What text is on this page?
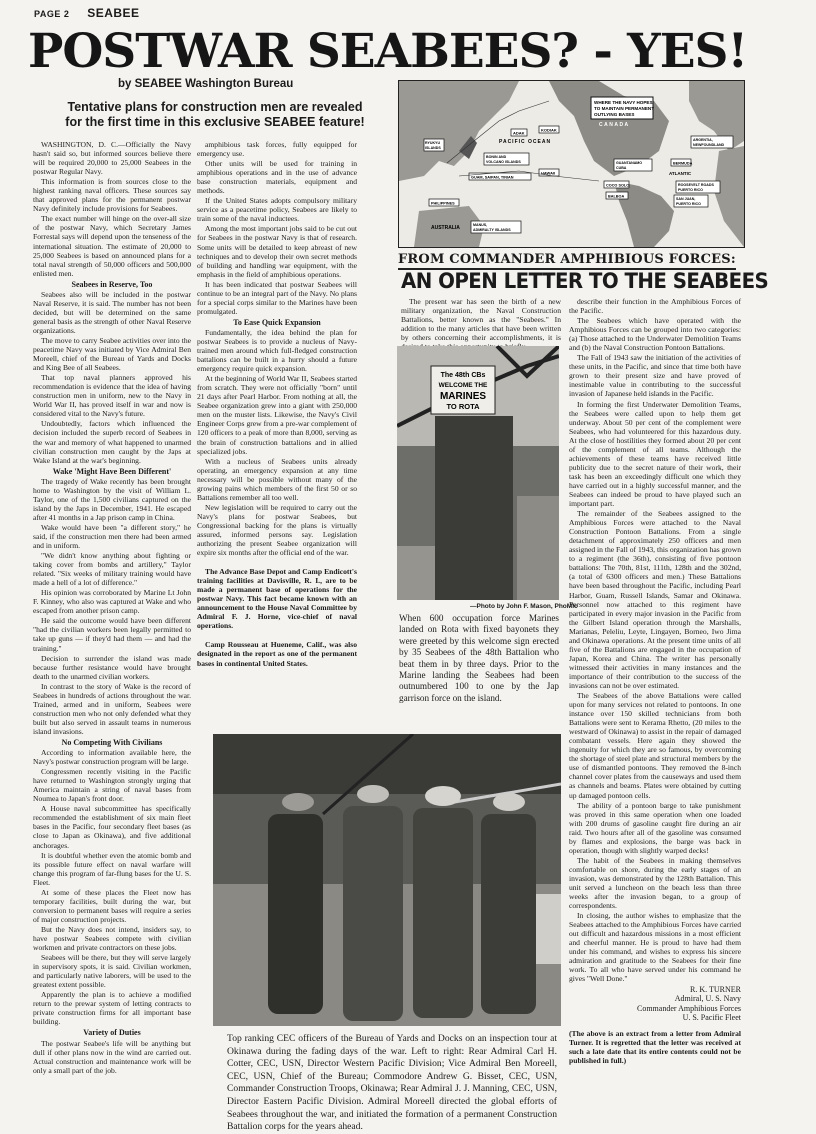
PAGE 2 SEABEE
POSTWAR SEABEES? - YES!
by SEABEE Washington Bureau
Tentative plans for construction men are revealed for the first time in this exclusive SEABEE feature!

WASHINGTON, D. C.—Officially the Navy hasn't said so, but informed sources believe there will be required 20,000 to 25,000 Seabees in the postwar Regular Navy.

This information is from sources close to the highest ranking naval officers. These sources say that approved plans for the permanent postwar Navy definitely include provisions for Seabees.

The exact number will hinge on the over-all size of the postwar Navy, which Secretary James Forrestal says will depend upon the tenseness of the international situation. The estimate of 20,000 to 25,000 Seabees is based on announced plans for a total naval strength of 50,000 officers and 500,000 enlisted men.

Seabees in Reserve, Too

Seabees also will be included in the postwar Naval Reserve, it is said. The number has not been decided, but will be determined on the same general basis as the strength of other Naval Reserve organizations.

The move to carry Seabee activities over into the peacetime Navy was initiated by Vice Admiral Ben Moreell, chief of the Bureau of Yards and Docks and King Bee of all Seabees.

That top naval planners approved his recommendation is evidence that the idea of having construction men in uniform, new to the Navy in World War II, has proved itself in war and now is considered vital to the Navy's future.

Undoubtedly, factors which influenced the decision included the superb record of Seabees in the war and memory of what happened to unarmed civilian construction men caught by the Japs at Wake Island at the war's beginning.

Wake 'Might Have Been Different'

The tragedy of Wake recently has been brought home to Washington by the visit of William L. Taylor, one of the 1,500 civilians captured on the island by the Japs in December, 1941. He escaped after 41 months in a Jap prison camp in China.

Wake would have been "a different story," he said, if the construction men there had been armed and in uniform.

"We didn't know anything about fighting or taking cover from bombs and artillery," Taylor related. "Six weeks of military training would have made a hell of a lot of difference."

His opinion was corroborated by Marine Lt John F. Kinney, who also was captured at Wake and who escaped from another prison camp.

He said the outcome would have been different "had the civilian workers been legally permitted to take up guns — if they'd had them — and had the training."

Decision to surrender the island was made because further resistance would have brought death to the unarmed civilian workers.

In contrast to the story of Wake is the record of Seabees in hundreds of actions throughout the war. Trained, armed and in uniform, Seabees were construction men who not only defended what they built but also served in assault teams in numerous island invasions.

No Competing With Civilians

According to information available here, the Navy's postwar construction program will be large.

Congressmen recently visiting in the Pacific have returned to Washington strongly urging that America maintain a string of naval bases from Noumea to Japan's front door.

A House naval subcommittee has specifically recommended the establishment of six main fleet bases in the Pacific, four secondary fleet bases (as close to Japan as Okinawa), and five additional anchorages.

It is doubtful whether even the atomic bomb and its possible future effect on naval warfare will change this program of far-flung bases for the U. S. Fleet.

At some of these places the Fleet now has temporary facilities, built during the war, but conversion to permanent bases will require a series of major construction projects.

But the Navy does not intend, insiders say, to have postwar Seabees compete with civilian workmen and private contractors on these jobs.

Seabees will be there, but they will serve largely in supervisory spots, it is said. Civilian workmen, and particularly native laborers, will be used to the greatest extent possible.

Apparently the plan is to achieve a modified return to the prewar system of letting contracts to private construction firms for all important base building.

Variety of Duties

The postwar Seabee's life will be anything but dull if other plans now in the wind are carried out. Actual construction and maintenance work will be only a small part of the job.

amphibious task forces, fully equipped for emergency use.

Other units will be used for training in amphibious operations and in the use of advance base construction materials, equipment and methods.

If the United States adopts compulsory military service as a peacetime policy, Seabees are likely to train some of the naval inductees.

Among the most important jobs said to be cut out for Seabees in the postwar Navy is that of research. Some units will be detailed to keep abreast of new techniques and to develop their own secret methods of building and handling war equipment, with the emphasis in the field of amphibious operations.

It has been indicated that postwar Seabees will continue to be an integral part of the Navy. No plans for a special corps similar to the Marines have been promulgated.

To Ease Quick Expansion

Fundamentally, the idea behind the plan for postwar Seabees is to provide a nucleus of Navy-trained men around which full-fledged construction battalions can be built in a hurry should a future emergency require quick expansion.

At the beginning of World War II, Seabees started from scratch. They were not officially "born" until 21 days after Pearl Harbor. From nothing at all, the Seabee organization grew into a giant with 250,000 men on the muster lists. Likewise, the Navy's Civil Engineer Corps grew from a pre-war complement of 120 officers to a peak of more than 8,000, serving as the brain of construction battalions and in allied specialized jobs.

With a nucleus of Seabees units already operating, an emergency expansion at any time necessary will be possible without many of the growing pains which members of the first 50 or so Battalions remember all too well.

New legislation will be required to carry out the Navy's plans for postwar Seabees, but Congressional backing for the plans is virtually assured, informed persons say. Legislation authorizing the present Seabee organization will expire six months after the official end of the war.

The Advance Base Depot and Camp Endicott's training facilities at Davisville, R. I., are to be made a permanent base of operations for the postwar Navy. This fact became known with an announcement to the House Naval Committee by Admiral F. J. Horne, vice-chief of naval operations.

Camp Rousseau at Hueneme, Calif., was also designated in the report as one of the permanent bases in continental United States.

WHERE THE NAVY HOPES
TO MAINTAIN PERMANENT
OUTLYING BASES
PACIFIC OCEAN
ATLANTIC
CANADA
AUSTRALIA
ADAK
KODIAK
HAWAII
BONIN AND
VOLCANO ISLANDS
GUAM, SAIPAN, TINIAN
RYUKYU
ISLANDS
PHILIPPINES
MANUS,
ADMIRALTY ISLANDS
GUANTANAMO
CUBA
COCO SOLO
BALBOA
BERMUDA
ARGENTIA,
NEWFOUNDLAND
ROOSEVELT ROADS
PUERTO RICO
SAN JUAN,
PUERTO RICO
FROM COMMANDER AMPHIBIOUS FORCES:
AN OPEN LETTER TO THE SEABEES

The present war has seen the birth of a new military organization, the Naval Construction Battalions, better known as the "Seabees." In addition to the many articles that have been written by others concerning their accomplishments, it is

The 48th CBs
WELCOME THE
MARINES
TO ROTA
—Photo by John F. Mason, PhoMlc
When 600 occupation force Marines landed on Rota with fixed bayonets they were greeted by this welcome sign erected by 35 Seabees of the 48th Battalion who beat them in by three days. Prior to the Marine landing the Seabees had been outnumbered 100 to one by the Jap garrison force on the island.
Top ranking CEC officers of the Bureau of Yards and Docks on an inspection tour at Okinawa during the fading days of the war. Left to right: Rear Admiral Carl H. Cotter, CEC, USN, Director Western Pacific Division; Vice Admiral Ben Moreell, CEC, USN, Chief of the Bureau; Commodore Andrew G. Bisset, CEC, USN, Commander Construction Troops, Okinawa; Rear Admiral J. J. Manning, CEC, USN, Director Eastern Pacific Division. Admiral Moreell directed the global efforts of Seabees throughout the war, and initiated the formation of a permanent Construction Battalion corps for the years ahead.

describe their function in the Amphibious Forces of the Pacific.

The Seabees which have operated with the Amphibious Forces can be grouped into two categories: (a) Those attached to the Underwater Demolition Teams and (b) the Naval Construction Pontoon Battalions.

The Fall of 1943 saw the initiation of the activities of these units, in the Pacific, and since that time both have grown to their present size and have proved of inestimable value in contributing to the successful invasion of Japanese held islands in the Pacific.

In forming the first Underwater Demolition Teams, the Seabees were called upon to help them get underway. About 50 per cent of the complement were Seabees, who had volunteered for this hazardous duty. At the close of hostilities they formed about 20 per cent of the complement of all teams. Although the achievements of these teams have received little publicity due to the secret nature of their work, their task has been an exceedingly difficult one which they have carried out in a highly successful manner, and the Seabees can indeed be proud to have played such an important part.

The remainder of the Seabees assigned to the Amphibious Forces were attached to the Naval Construction Pontoon Battalions. From a single detachment of approximately 250 officers and men assigned in the Fall of 1943, this organization has grown to a regiment (the 36th), consisting of five pontoon battalions: The 70th, 81st, 111th, 128th and the 302nd, (a total of 6300 officers and men.) These Battalions have been based throughout the Pacific, including Pearl Harbor, Guam, Russell Islands, Samar and Okinawa. Personnel now attached to this regiment have participated in every major invasion in the Pacific from the Gilbert Island operation through the Marshalls, Marianas, Peleliu, Leyte, Lingayen, Borneo, Iwo Jima and Okinawa operations. At the present time units of all five of the Battalions are engaged in the occupation of Japan, Korea and China. The writer has personally witnessed their activities in many instances and the importance of their contribution to the success of the invasions can not be over estimated.

The Seabees of the above Battalions were called upon for many services not related to pontoons. In one instance over 150 skilled technicians from both Battalions were sent to Kerama Rhetto, (20 miles to the westward of Okinawa) to assist in the repair of damaged combatant vessels. Here again they showed the ingenuity for which they are so famous, by overcoming the shortage of steel plate and structural members by the use of dismantled pontoons. They removed the 8-inch channel cover plates from the causeways and used them as channels and beams. Plates were obtained by cutting up damaged pontoon cells.

The ability of a pontoon barge to take punishment was proved in this same operation when one loaded with 200 drums of gasoline caught fire during an air raid. Two hours after all of the gasoline was consumed by flames and explosions, the barge was back in operation, though with slightly warped decks!

The habit of the Seabees in making themselves comfortable on shore, during the early stages of an invasion, was demonstrated by the 128th Battalion. This unit served a luncheon on the beach less than three weeks after the invasion began, to a group of correspondents.

In closing, the author wishes to emphasize that the Seabees attached to the Amphibious Forces have carried out difficult and hazardous missions in a most efficient and cheerful manner. He is proud to have had them under his command, and wishes to express his sincere admiration and gratitude to the Seabees for their fine work. To all who have served under his command he gives "Well Done."

R. K. TURNER
Admiral, U. S. Navy
Commander Amphibious Forces
U. S. Pacific Fleet
(The above is an extract from a letter from Admiral Turner. It is regretted that the letter was received at such a late date that its entire contents could not be published in full.)
